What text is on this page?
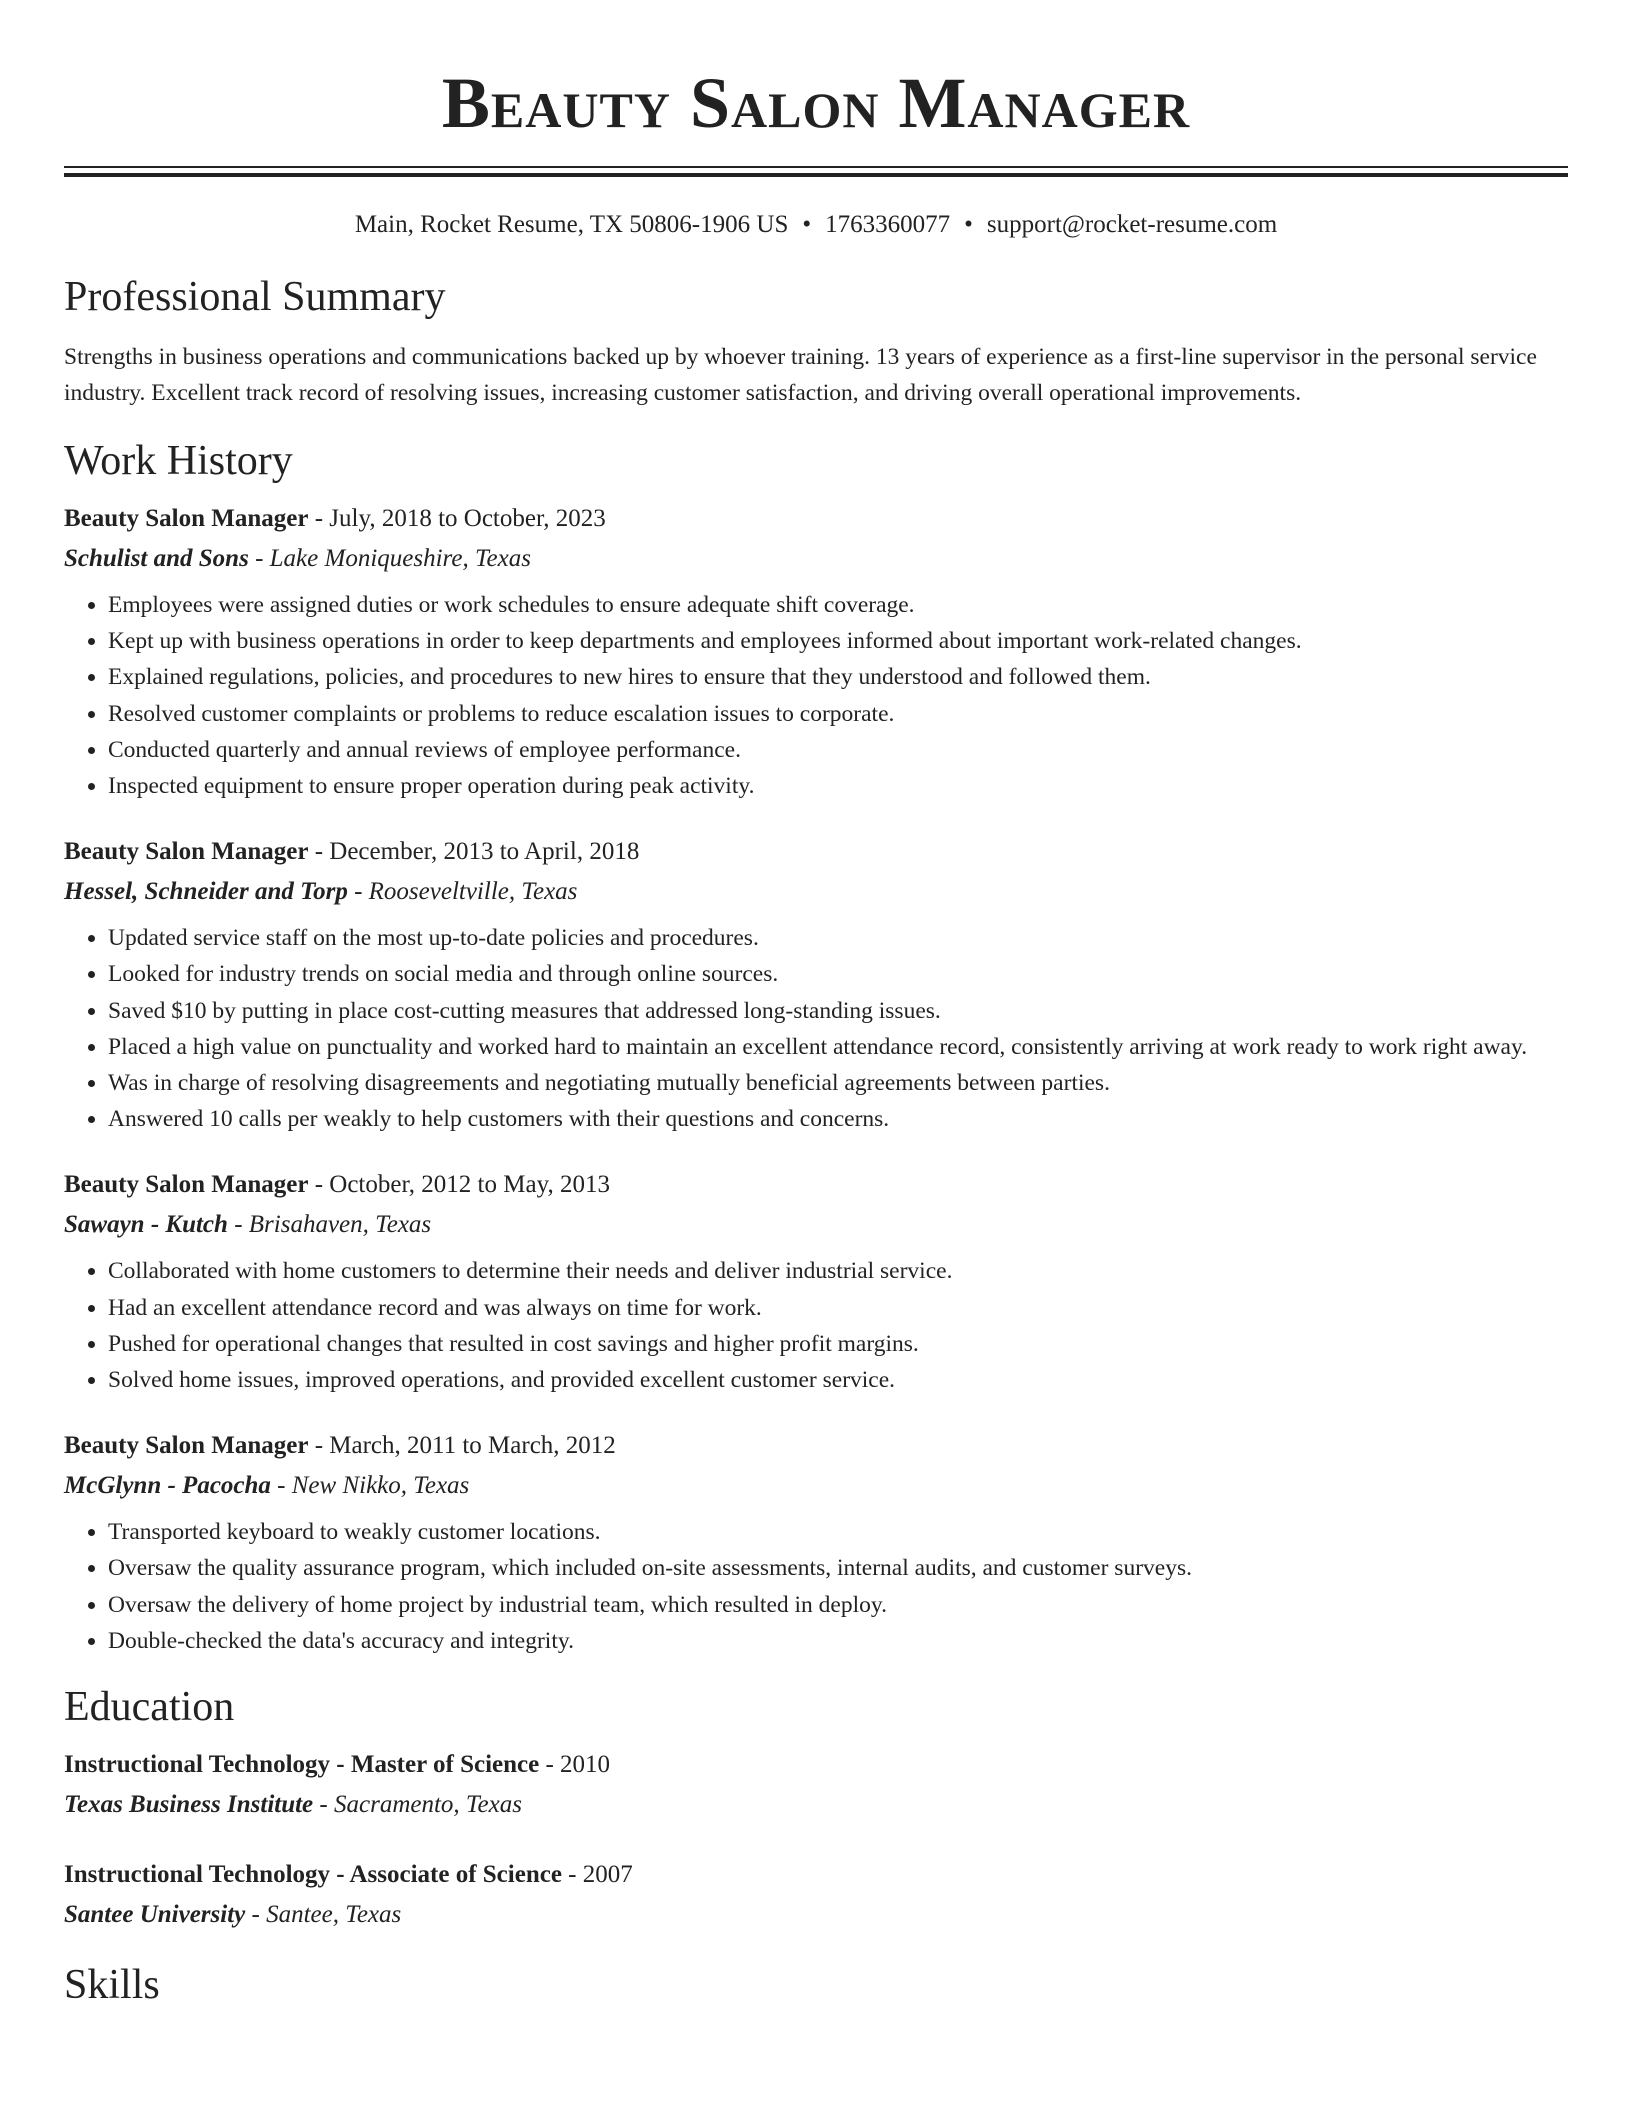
Beauty Salon Manager
Main, Rocket Resume, TX 50806-1906 US • 1763360077 • support@rocket-resume.com
Professional Summary
Strengths in business operations and communications backed up by whoever training. 13 years of experience as a first-line supervisor in the personal service industry. Excellent track record of resolving issues, increasing customer satisfaction, and driving overall operational improvements.
Work History
Beauty Salon Manager - July, 2018 to October, 2023
Schulist and Sons - Lake Moniqueshire, Texas
• Employees were assigned duties or work schedules to ensure adequate shift coverage.
• Kept up with business operations in order to keep departments and employees informed about important work-related changes.
• Explained regulations, policies, and procedures to new hires to ensure that they understood and followed them.
• Resolved customer complaints or problems to reduce escalation issues to corporate.
• Conducted quarterly and annual reviews of employee performance.
• Inspected equipment to ensure proper operation during peak activity.
Beauty Salon Manager - December, 2013 to April, 2018
Hessel, Schneider and Torp - Rooseveltville, Texas
• Updated service staff on the most up-to-date policies and procedures.
• Looked for industry trends on social media and through online sources.
• Saved $10 by putting in place cost-cutting measures that addressed long-standing issues.
• Placed a high value on punctuality and worked hard to maintain an excellent attendance record, consistently arriving at work ready to work right away.
• Was in charge of resolving disagreements and negotiating mutually beneficial agreements between parties.
• Answered 10 calls per weakly to help customers with their questions and concerns.
Beauty Salon Manager - October, 2012 to May, 2013
Sawayn - Kutch - Brisahaven, Texas
• Collaborated with home customers to determine their needs and deliver industrial service.
• Had an excellent attendance record and was always on time for work.
• Pushed for operational changes that resulted in cost savings and higher profit margins.
• Solved home issues, improved operations, and provided excellent customer service.
Beauty Salon Manager - March, 2011 to March, 2012
McGlynn - Pacocha - New Nikko, Texas
• Transported keyboard to weakly customer locations.
• Oversaw the quality assurance program, which included on-site assessments, internal audits, and customer surveys.
• Oversaw the delivery of home project by industrial team, which resulted in deploy.
• Double-checked the data's accuracy and integrity.
Education
Instructional Technology - Master of Science - 2010
Texas Business Institute - Sacramento, Texas
Instructional Technology - Associate of Science - 2007
Santee University - Santee, Texas
Skills
